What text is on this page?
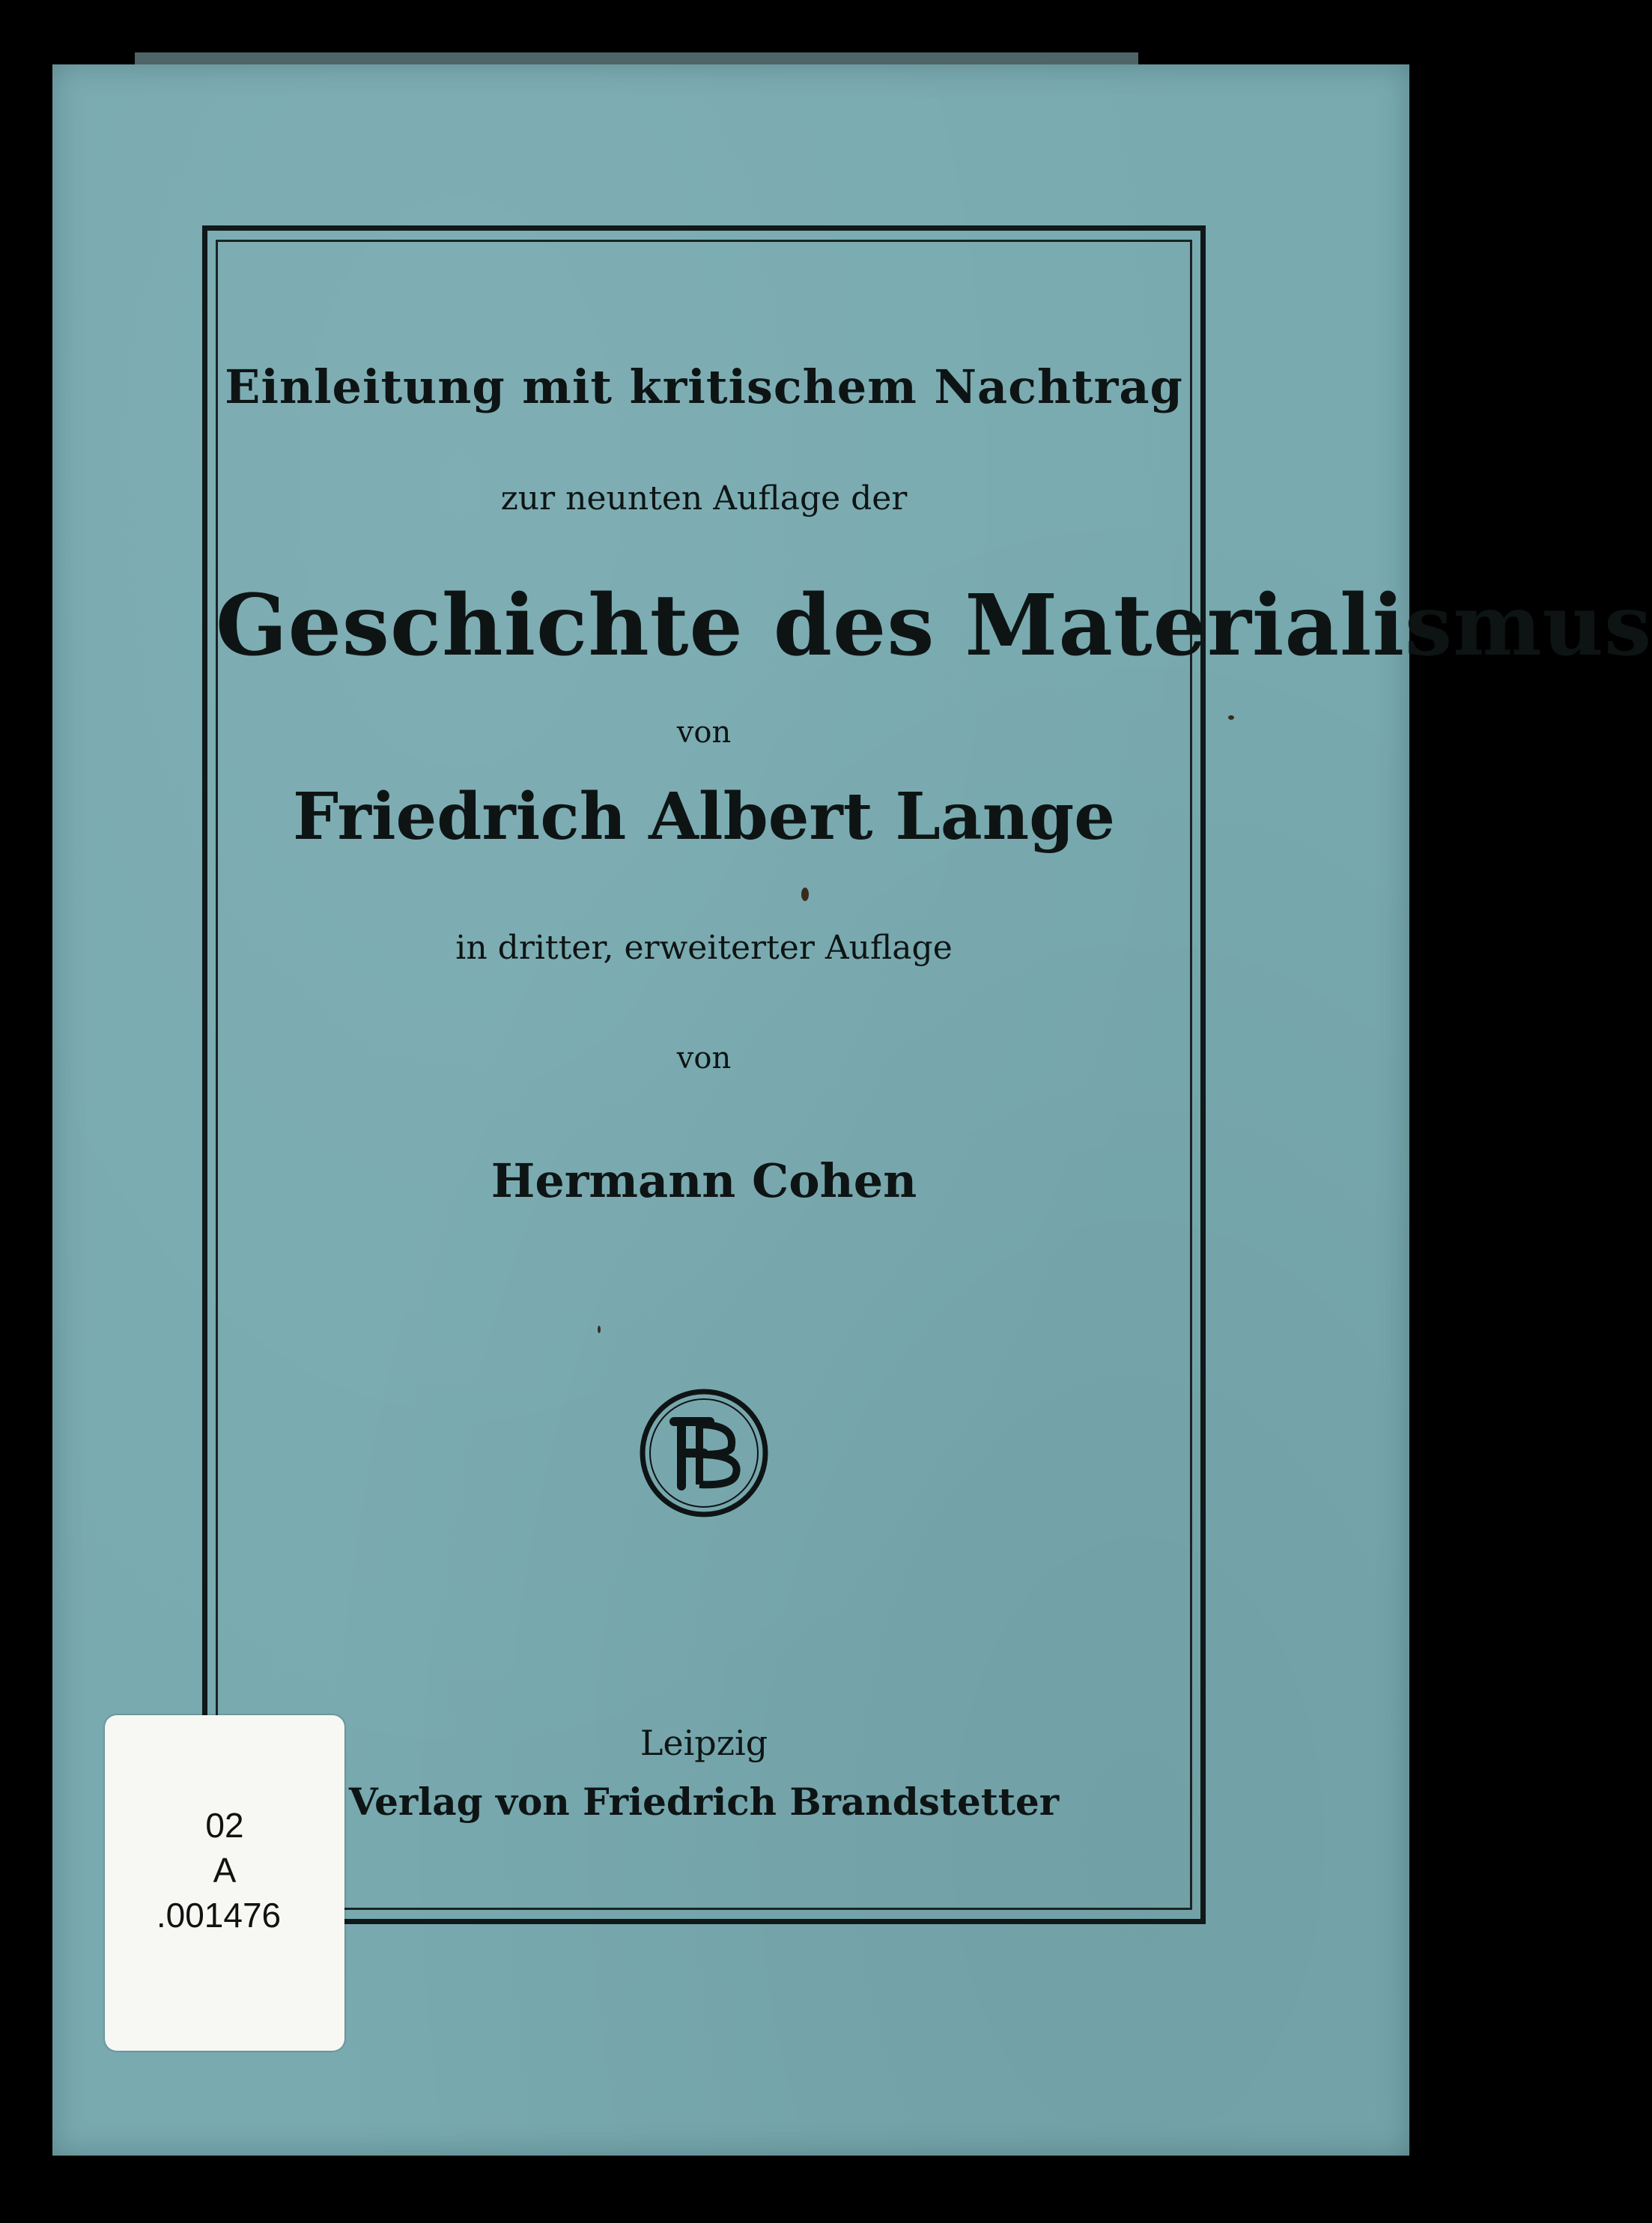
Einleitung mit kritischem Nachtrag
zur neunten Auflage der
Geschichte des Materialismus
von
Friedrich Albert Lange
in dritter, erweiterter Auflage
von
Hermann Cohen
Leipzig
Verlag von Friedrich Brandstetter
02
A
.001476
